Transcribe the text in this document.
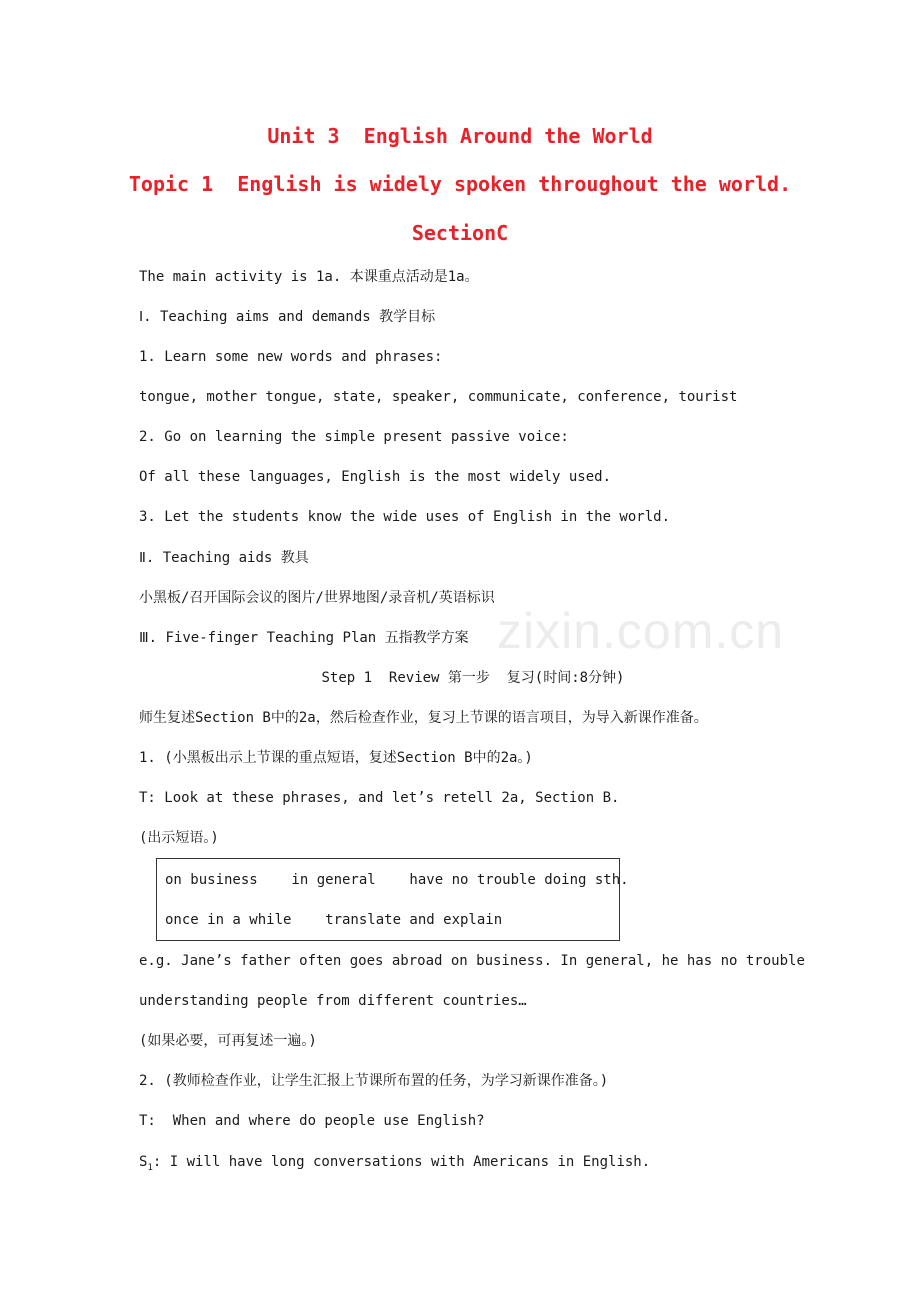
zixin.com.cn
Unit 3  English Around the World
Topic 1  English is widely spoken throughout the world.
SectionC
The main activity is 1a. 本课重点活动是1a。
Ⅰ. Teaching aims and demands 教学目标
1. Learn some new words and phrases:
tongue, mother tongue, state, speaker, communicate, conference, tourist
2. Go on learning the simple present passive voice:
Of all these languages, English is the most widely used.
3. Let the students know the wide uses of English in the world.
Ⅱ. Teaching aids 教具
小黑板/召开国际会议的图片/世界地图/录音机/英语标识
Ⅲ. Five-finger Teaching Plan 五指教学方案
Step 1  Review 第一步  复习(时间:8分钟)
师生复述Section B中的2a，然后检查作业，复习上节课的语言项目，为导入新课作准备。
1. (小黑板出示上节课的重点短语，复述Section B中的2a。)
T: Look at these phrases, and let’s retell 2a, Section B.
(出示短语。)
on business    in general    have no trouble doing sth.
once in a while    translate and explain
e.g. Jane’s father often goes abroad on business. In general, he has no trouble
understanding people from different countries…
(如果必要，可再复述一遍。)
2. (教师检查作业，让学生汇报上节课所布置的任务，为学习新课作准备。)
T:  When and where do people use English?
$S_1$: I will have long conversations with Americans in English.
